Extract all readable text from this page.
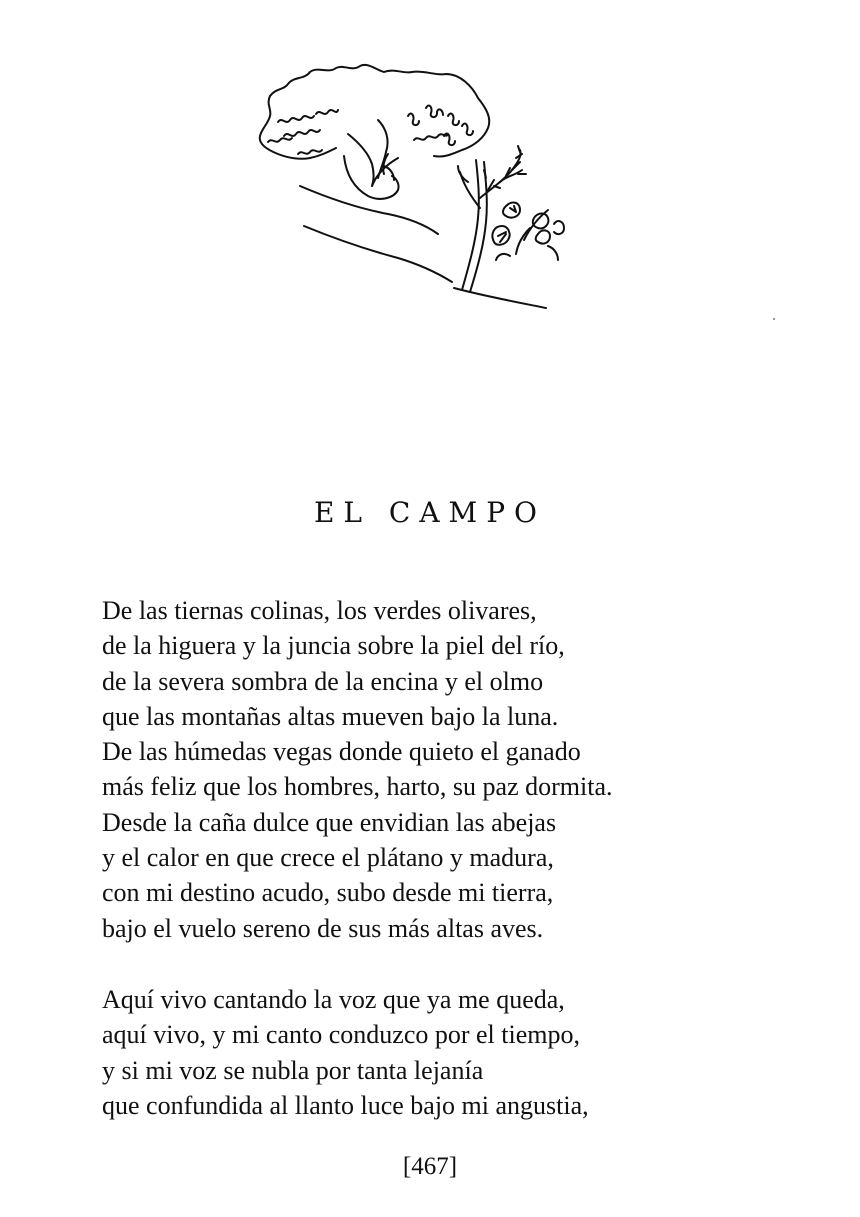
EL CAMPO
De las tiernas colinas, los verdes olivares,
de la higuera y la juncia sobre la piel del río,
de la severa sombra de la encina y el olmo
que las montañas altas mueven bajo la luna.
De las húmedas vegas donde quieto el ganado
más feliz que los hombres, harto, su paz dormita.
Desde la caña dulce que envidian las abejas
y el calor en que crece el plátano y madura,
con mi destino acudo, subo desde mi tierra,
bajo el vuelo sereno de sus más altas aves.
Aquí vivo cantando la voz que ya me queda,
aquí vivo, y mi canto conduzco por el tiempo,
y si mi voz se nubla por tanta lejanía
que confundida al llanto luce bajo mi angustia,
[467]
